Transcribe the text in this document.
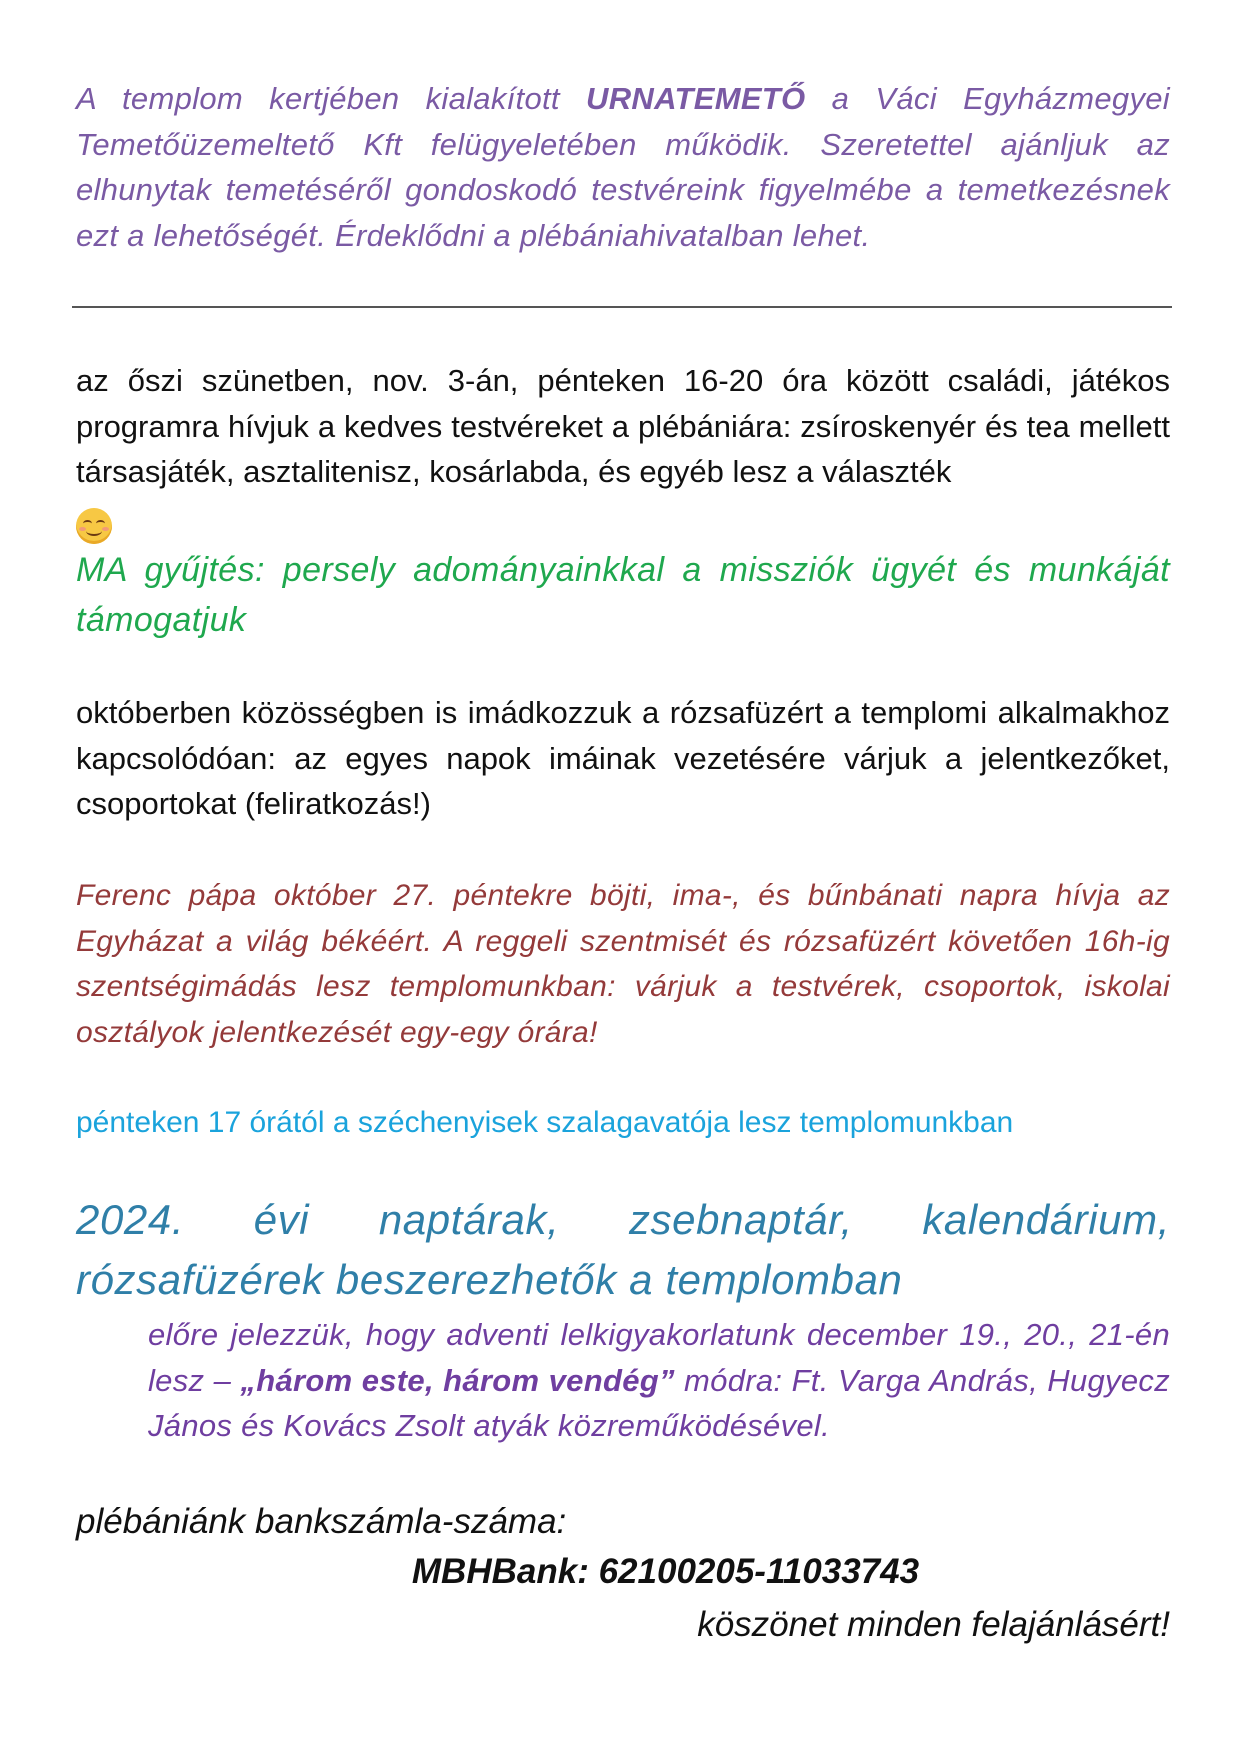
A templom kertjében kialakított URNATEMETŐ a Váci Egyházmegyei Temetőüzemeltető Kft felügyeletében működik. Szeretettel ajánljuk az elhunytak temetéséről gondoskodó testvéreink figyelmébe a temetkezésnek ezt a lehetőségét. Érdeklődni a plébániahivatalban lehet.

az őszi szünetben, nov. 3-án, pénteken 16-20 óra között családi, játékos programra hívjuk a kedves testvéreket a plébániára: zsíroskenyér és tea mellett társasjáték, asztalitenisz, kosárlabda, és egyéb lesz a választék

MA gyűjtés: persely adományainkkal a missziók ügyét és munkáját támogatjuk

októberben közösségben is imádkozzuk a rózsafüzért a templomi alkalmakhoz kapcsolódóan: az egyes napok imáinak vezetésére várjuk a jelentkezőket, csoportokat (feliratkozás!)

Ferenc pápa október 27. péntekre böjti, ima-, és bűnbánati napra hívja az Egyházat a világ békéért. A reggeli szentmisét és rózsafüzért követően 16h-ig szentségimádás lesz templomunkban: várjuk a testvérek, csoportok, iskolai osztályok jelentkezését egy-egy órára!

pénteken 17 órától a széchenyisek szalagavatója lesz templomunkban

2024. évi naptárak, zsebnaptár, kalendárium, rózsafüzérek beszerezhetők a templomban

előre jelezzük, hogy adventi lelkigyakorlatunk december 19., 20., 21-én lesz – „három este, három vendég” módra: Ft. Varga András, Hugyecz János és Kovács Zsolt atyák közreműködésével.

plébániánk bankszámla-száma:

MBHBank: 62100205-11033743

köszönet minden felajánlásért!
